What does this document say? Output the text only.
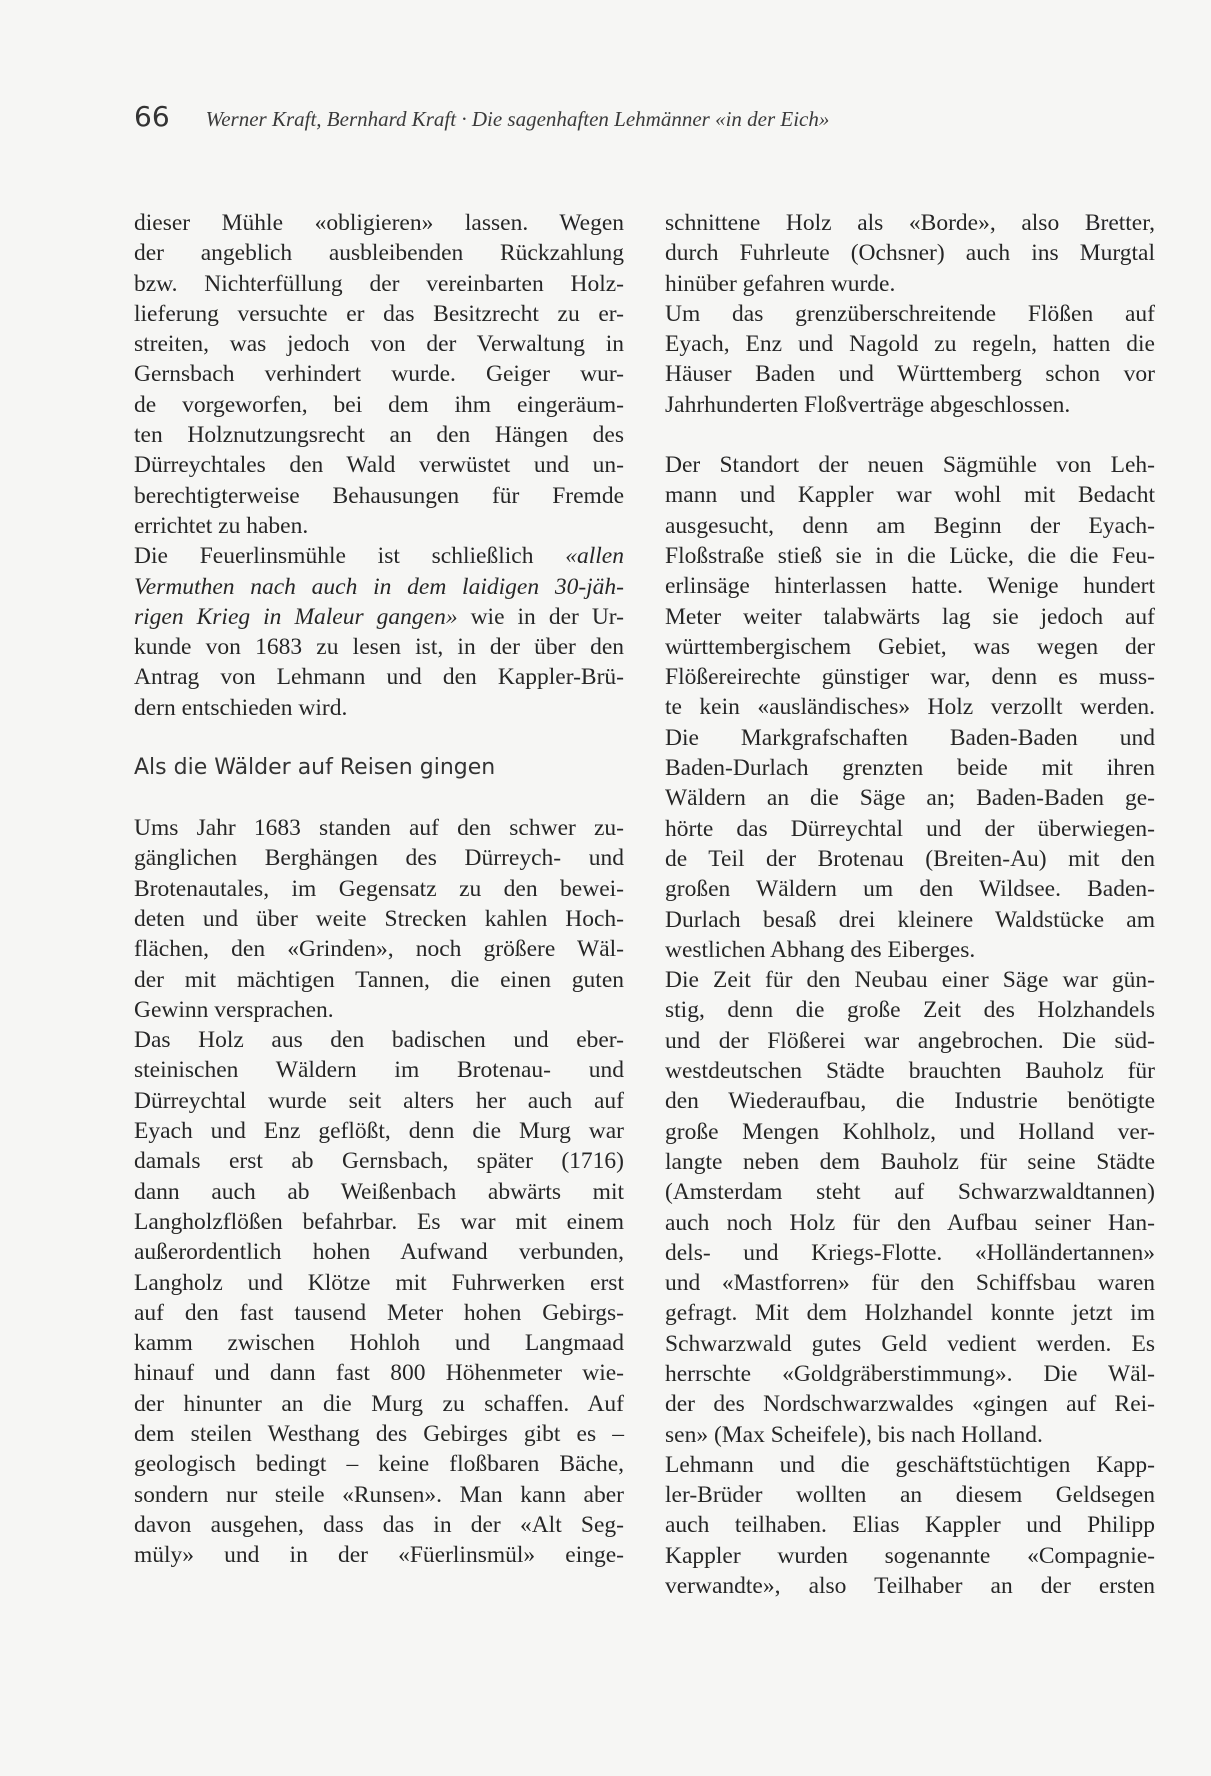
66 Werner Kraft, Bernhard Kraft · Die sagenhaften Lehmänner «in der Eich»

dieser Mühle «obligieren» lassen. Wegen
der angeblich ausbleibenden Rückzahlung
bzw. Nichterfüllung der vereinbarten Holz-
lieferung versuchte er das Besitzrecht zu er-
streiten, was jedoch von der Verwaltung in
Gernsbach verhindert wurde. Geiger wur-
de vorgeworfen, bei dem ihm eingeräum-
ten Holznutzungsrecht an den Hängen des
Dürreychtales den Wald verwüstet und un-
berechtigterweise Behausungen für Fremde
errichtet zu haben.

Die Feuerlinsmühle ist schließlich «allen
Vermuthen nach auch in dem laidigen 30-jäh-
rigen Krieg in Maleur gangen» wie in der Ur-
kunde von 1683 zu lesen ist, in der über den
Antrag von Lehmann und den Kappler-Brü-
dern entschieden wird.

Als die Wälder auf Reisen gingen

Ums Jahr 1683 standen auf den schwer zu-
gänglichen Berghängen des Dürreych- und
Brotenautales, im Gegensatz zu den beweі-
deten und über weite Strecken kahlen Hoch-
flächen, den «Grinden», noch größere Wäl-
der mit mächtigen Tannen, die einen guten
Gewinn versprachen.

Das Holz aus den badischen und eber-
steinischen Wäldern im Brotenau- und
Dürreychtal wurde seit alters her auch auf
Eyach und Enz geflößt, denn die Murg war
damals erst ab Gernsbach, später (1716)
dann auch ab Weißenbach abwärts mit
Langholzflößen befahrbar. Es war mit einem
außerordentlich hohen Aufwand verbunden,
Langholz und Klötze mit Fuhrwerken erst
auf den fast tausend Meter hohen Gebirgs-
kamm zwischen Hohloh und Langmaad
hinauf und dann fast 800 Höhenmeter wie-
der hinunter an die Murg zu schaffen. Auf
dem steilen Westhang des Gebirges gibt es –
geologisch bedingt – keine floßbaren Bäche,
sondern nur steile «Runsen». Man kann aber
davon ausgehen, dass das in der «Alt Seg-
müly» und in der «Füerlinsmül» einge-

schnittene Holz als «Borde», also Bretter,
durch Fuhrleute (Ochsner) auch ins Murgtal
hinüber gefahren wurde.

Um das grenzüberschreitende Flößen auf
Eyach, Enz und Nagold zu regeln, hatten die
Häuser Baden und Württemberg schon vor
Jahrhunderten Floßverträge abgeschlossen.

Der Standort der neuen Sägmühle von Leh-
mann und Kappler war wohl mit Bedacht
ausgesucht, denn am Beginn der Eyach-
Floßstraße stieß sie in die Lücke, die die Feu-
erlinsäge hinterlassen hatte. Wenige hundert
Meter weiter talabwärts lag sie jedoch auf
württembergischem Gebiet, was wegen der
Flößereirechte günstiger war, denn es muss-
te kein «ausländisches» Holz verzollt werden.
Die Markgrafschaften Baden-Baden und
Baden-Durlach grenzten beide mit ihren
Wäldern an die Säge an; Baden-Baden ge-
hörte das Dürreychtal und der überwiegen-
de Teil der Brotenau (Breiten-Au) mit den
großen Wäldern um den Wildsee. Baden-
Durlach besaß drei kleinere Waldstücke am
westlichen Abhang des Eiberges.

Die Zeit für den Neubau einer Säge war gün-
stig, denn die große Zeit des Holzhandels
und der Flößerei war angebrochen. Die süd-
westdeutschen Städte brauchten Bauholz für
den Wiederaufbau, die Industrie benötigte
große Mengen Kohlholz, und Holland ver-
langte neben dem Bauholz für seine Städte
(Amsterdam steht auf Schwarzwaldtannen)
auch noch Holz für den Aufbau seiner Han-
dels- und Kriegs-Flotte. «Holländertannen»
und «Mastforren» für den Schiffsbau waren
gefragt. Mit dem Holzhandel konnte jetzt im
Schwarzwald gutes Geld vedient werden. Es
herrschte «Goldgräberstimmung». Die Wäl-
der des Nordschwarzwaldes «gingen auf Rei-
sen» (Max Scheifele), bis nach Holland.

Lehmann und die geschäftstüchtigen Kapp-
ler-Brüder wollten an diesem Geldsegen
auch teilhaben. Elias Kappler und Philipp
Kappler wurden sogenannte «Compagnie-
verwandte», also Teilhaber an der ersten
